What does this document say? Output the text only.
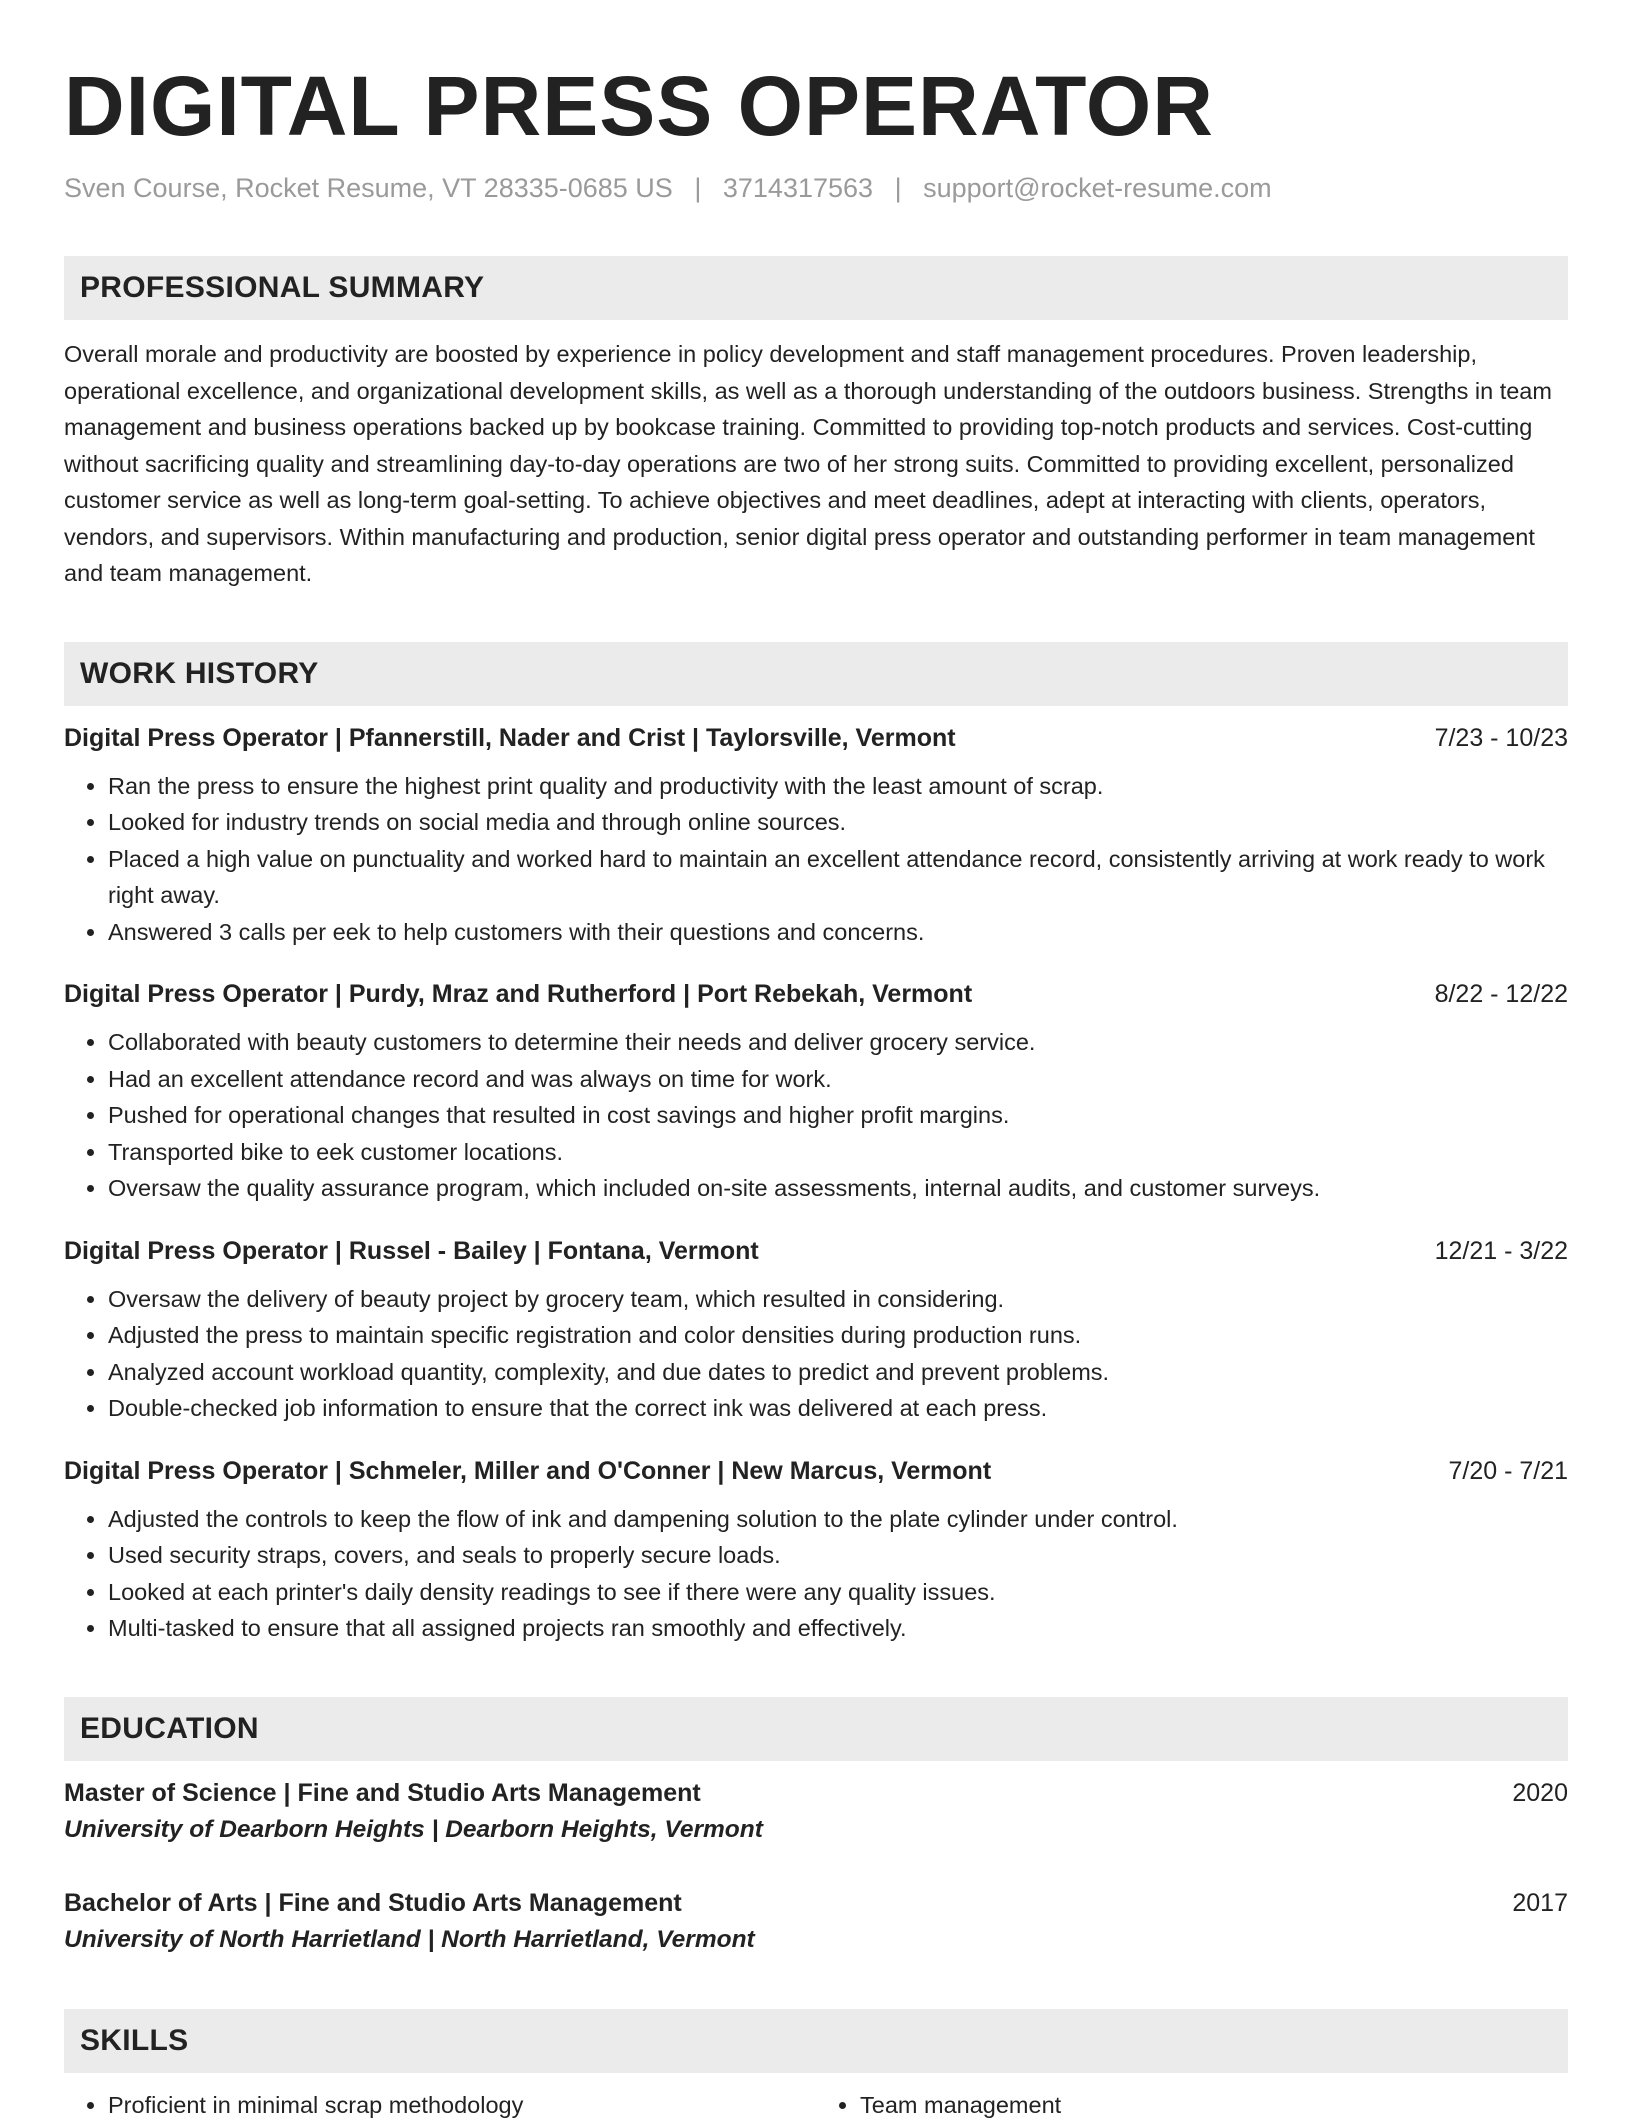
DIGITAL PRESS OPERATOR
Sven Course, Rocket Resume, VT 28335-0685 US | 3714317563 | support@rocket-resume.com
PROFESSIONAL SUMMARY
Overall morale and productivity are boosted by experience in policy development and staff management procedures. Proven leadership, operational excellence, and organizational development skills, as well as a thorough understanding of the outdoors business. Strengths in team management and business operations backed up by bookcase training. Committed to providing top-notch products and services. Cost-cutting without sacrificing quality and streamlining day-to-day operations are two of her strong suits. Committed to providing excellent, personalized customer service as well as long-term goal-setting. To achieve objectives and meet deadlines, adept at interacting with clients, operators, vendors, and supervisors. Within manufacturing and production, senior digital press operator and outstanding performer in team management and team management.
WORK HISTORY
Digital Press Operator | Pfannerstill, Nader and Crist | Taylorsville, Vermont	7/23 - 10/23
• Ran the press to ensure the highest print quality and productivity with the least amount of scrap.
• Looked for industry trends on social media and through online sources.
• Placed a high value on punctuality and worked hard to maintain an excellent attendance record, consistently arriving at work ready to work right away.
• Answered 3 calls per eek to help customers with their questions and concerns.
Digital Press Operator | Purdy, Mraz and Rutherford | Port Rebekah, Vermont	8/22 - 12/22
• Collaborated with beauty customers to determine their needs and deliver grocery service.
• Had an excellent attendance record and was always on time for work.
• Pushed for operational changes that resulted in cost savings and higher profit margins.
• Transported bike to eek customer locations.
• Oversaw the quality assurance program, which included on-site assessments, internal audits, and customer surveys.
Digital Press Operator | Russel - Bailey | Fontana, Vermont	12/21 - 3/22
• Oversaw the delivery of beauty project by grocery team, which resulted in considering.
• Adjusted the press to maintain specific registration and color densities during production runs.
• Analyzed account workload quantity, complexity, and due dates to predict and prevent problems.
• Double-checked job information to ensure that the correct ink was delivered at each press.
Digital Press Operator | Schmeler, Miller and O'Conner | New Marcus, Vermont	7/20 - 7/21
• Adjusted the controls to keep the flow of ink and dampening solution to the plate cylinder under control.
• Used security straps, covers, and seals to properly secure loads.
• Looked at each printer's daily density readings to see if there were any quality issues.
• Multi-tasked to ensure that all assigned projects ran smoothly and effectively.
EDUCATION
Master of Science | Fine and Studio Arts Management	2020
University of Dearborn Heights | Dearborn Heights, Vermont
Bachelor of Arts | Fine and Studio Arts Management	2017
University of North Harrietland | North Harrietland, Vermont
SKILLS
• Proficient in minimal scrap methodology
•	Team management
